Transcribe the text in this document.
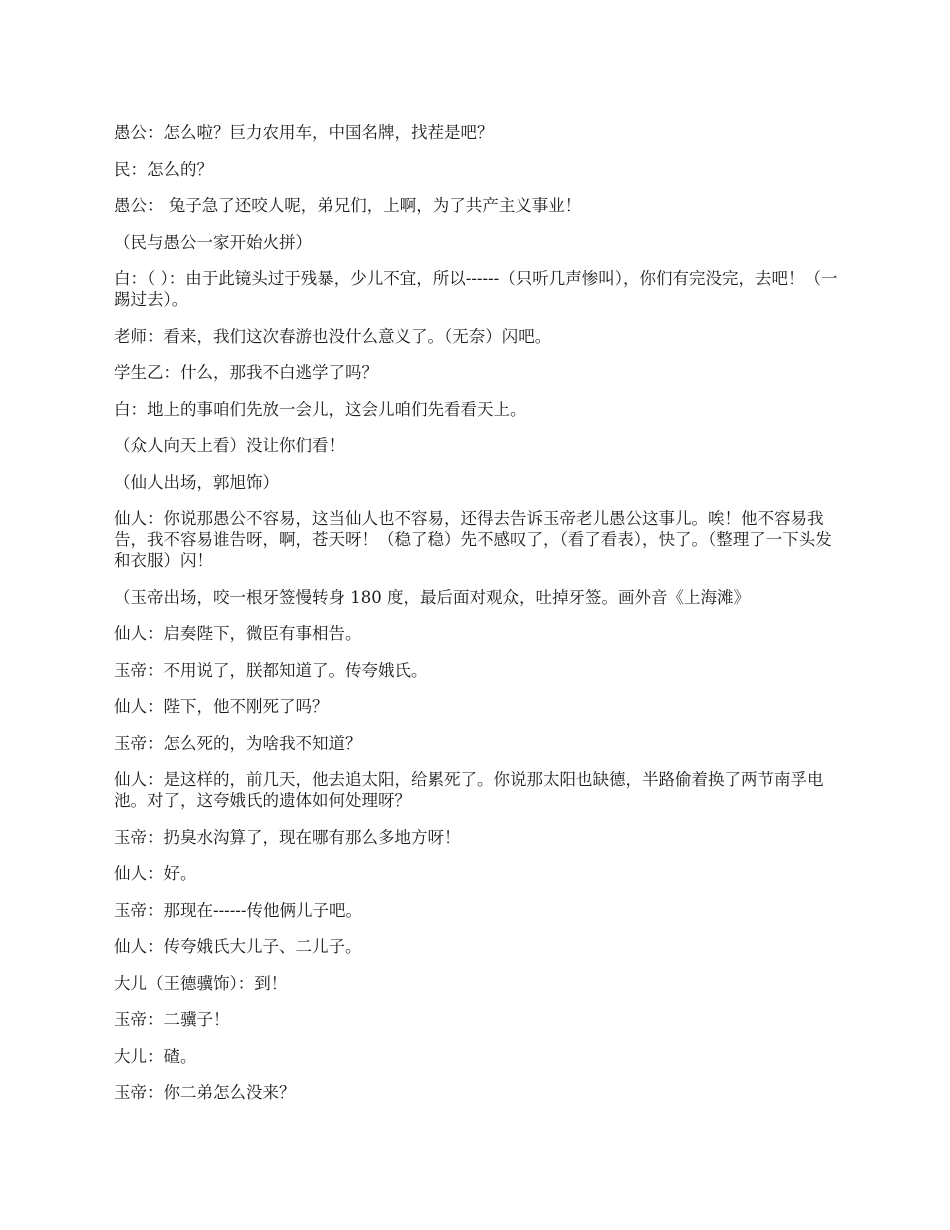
愚公：怎么啦？巨力农用车，中国名牌，找茬是吧？

民：怎么的？

愚公： 兔子急了还咬人呢，弟兄们，上啊，为了共产主义事业！

（民与愚公一家开始火拼）

白：（ ）：由于此镜头过于残暴，少儿不宜，所以------（只听几声惨叫），你们有完没完，去吧！（一踢过去）。

老师：看来，我们这次春游也没什么意义了。（无奈）闪吧。

学生乙：什么，那我不白逃学了吗？

白：地上的事咱们先放一会儿，这会儿咱们先看看天上。

（众人向天上看）没让你们看！

（仙人出场，郭旭饰）

仙人：你说那愚公不容易，这当仙人也不容易，还得去告诉玉帝老儿愚公这事儿。唉！他不容易我告，我不容易谁告呀，啊，苍天呀！（稳了稳）先不感叹了，（看了看表），快了。（整理了一下头发和衣服）闪！

（玉帝出场，咬一根牙签慢转身 180 度，最后面对观众，吐掉牙签。画外音《上海滩》

仙人：启奏陛下，微臣有事相告。

玉帝：不用说了，朕都知道了。传夸娥氏。

仙人：陛下，他不刚死了吗？

玉帝：怎么死的，为啥我不知道？

仙人：是这样的，前几天，他去追太阳，给累死了。你说那太阳也缺德，半路偷着换了两节南孚电池。对了，这夸娥氏的遗体如何处理呀？

玉帝：扔臭水沟算了，现在哪有那么多地方呀！

仙人：好。

玉帝：那现在------传他俩儿子吧。

仙人：传夸娥氏大儿子、二儿子。

大儿（王德骥饰）：到！

玉帝：二骥子！

大儿：碴。

玉帝：你二弟怎么没来？
